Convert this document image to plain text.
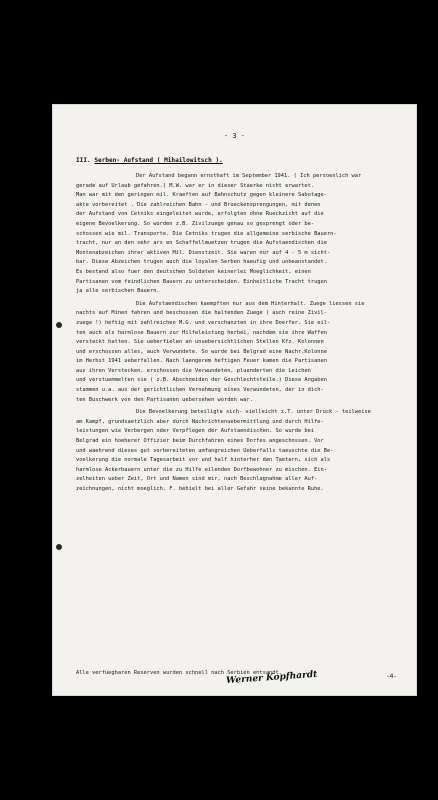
- 3 -
III. Serben- Aufstand ( Mihailowitsch ).
Der Aufstand begann ernsthaft im September 1941. ( Ich persoenlich war
gerade auf Urlaub gefahren.) M.W. war er in dieser Staerke nicht erwartet.
Man war mit den geringen mil. Kraeften auf Bahnschutz gegen kleinere Sabotage-
akte vorbereitet . Die zahlreichen Bahn - und Brueckensprengungen, mit denen
der Aufstand von Cetniks eingeleitet wurde, erfolgten ohne Rueckzicht auf die
eigene Bevoelkerung. So wurden z.B. Zivilzuege genau so gesprengt oder be-
schossen wie mil. Transporte. Die Cetniks trugen die allgemeine serbische Bauern-
tracht, nur an den sehr ars en Schaffellmuetzen trugen die Aufstaendischen die
Montenabzeichen ihrer aktiven Mil. Dienstzeit. Sie waren nur auf 4 - 5 m sicht-
bar. Diese Abzeichen trugen auch die loyalen Serben haeufig und unbeanstandet.
Es bestand also fuer den deutschen Soldaten keinerlei Moeglichkeit, einen
Partisanen vom feindlichen Bauern zu unterscheiden. Einheitliche Tracht trugen
ja alle serbischen Bauern.
Die Aufstaendischen kaempften nur aus dem Hinterhalt. Zuege liessen sie
nachts auf Minen fahren und beschossen die haltenden Zuege ( auch reine Zivil-
zuege !) heftig mit zahlreichen M.G. und verschanzten in ihre Doerfer. Sie eil-
ten auch als harmlose Bauern zur Hilfeleistung herbei, nachdem sie ihre Waffen
versteckt hatten. Sie ueberfielen an unuebersichtlichen Stellen Kfz. Kolonnen
und erschossen alles, auch Verwundete. So wurde bei Belgrad eine Nachr.Kolonne
im Herbst 1941 ueberfallen. Nach laengerem heftigen Feuer kamen die Partisanen
aus ihren Verstecken, erschossen die Verwundeten, pluenderten die Leichen
und verstuemmelten sie ( z.B. Abschneiden der Geschlechtsteile.) Diese Angaben
stammen u.a. aus der gerichtlichen Vernehmung eines Verwundeten, der in dich-
ten Buschwerk von den Partisanen uebersehen worden war.
Die Bevoelkerung beteiligte sich- vielleicht z.T. unter Druck - teilweise
am Kampf, grundsaetzlich aber durch Nachrichtenuebermittlung und durch Hilfe-
leistungen wie Verbergen oder Verpflegen der Aufstaendischen. So wurde bei
Belgrad ein hoeherer Offizier beim Durchfahren eines Dorfes angeschossen. Vor
und waehrend dieses gut vorbereiteten umfangreichen Ueberfalls taeuschte die Be-
voelkerung die normale Tagesarbeit vor und half hinterher den Taetern, sich als
harmlose Ackerbauern unter die zu Hilfe eilenden Dorfbewohner zu mischen. Ein-
zelheiten ueber Zeit, Ort und Namen sind mir, nach Beschlagnahme aller Auf-
zeichnungen, nicht moeglich. F. behielt bei aller Gefahr seine bekannte Ruhe.
Alle verfuegbaren Reserven wurden schnell nach Serbien entsandt.
Werner Kopfhardt	-4-
